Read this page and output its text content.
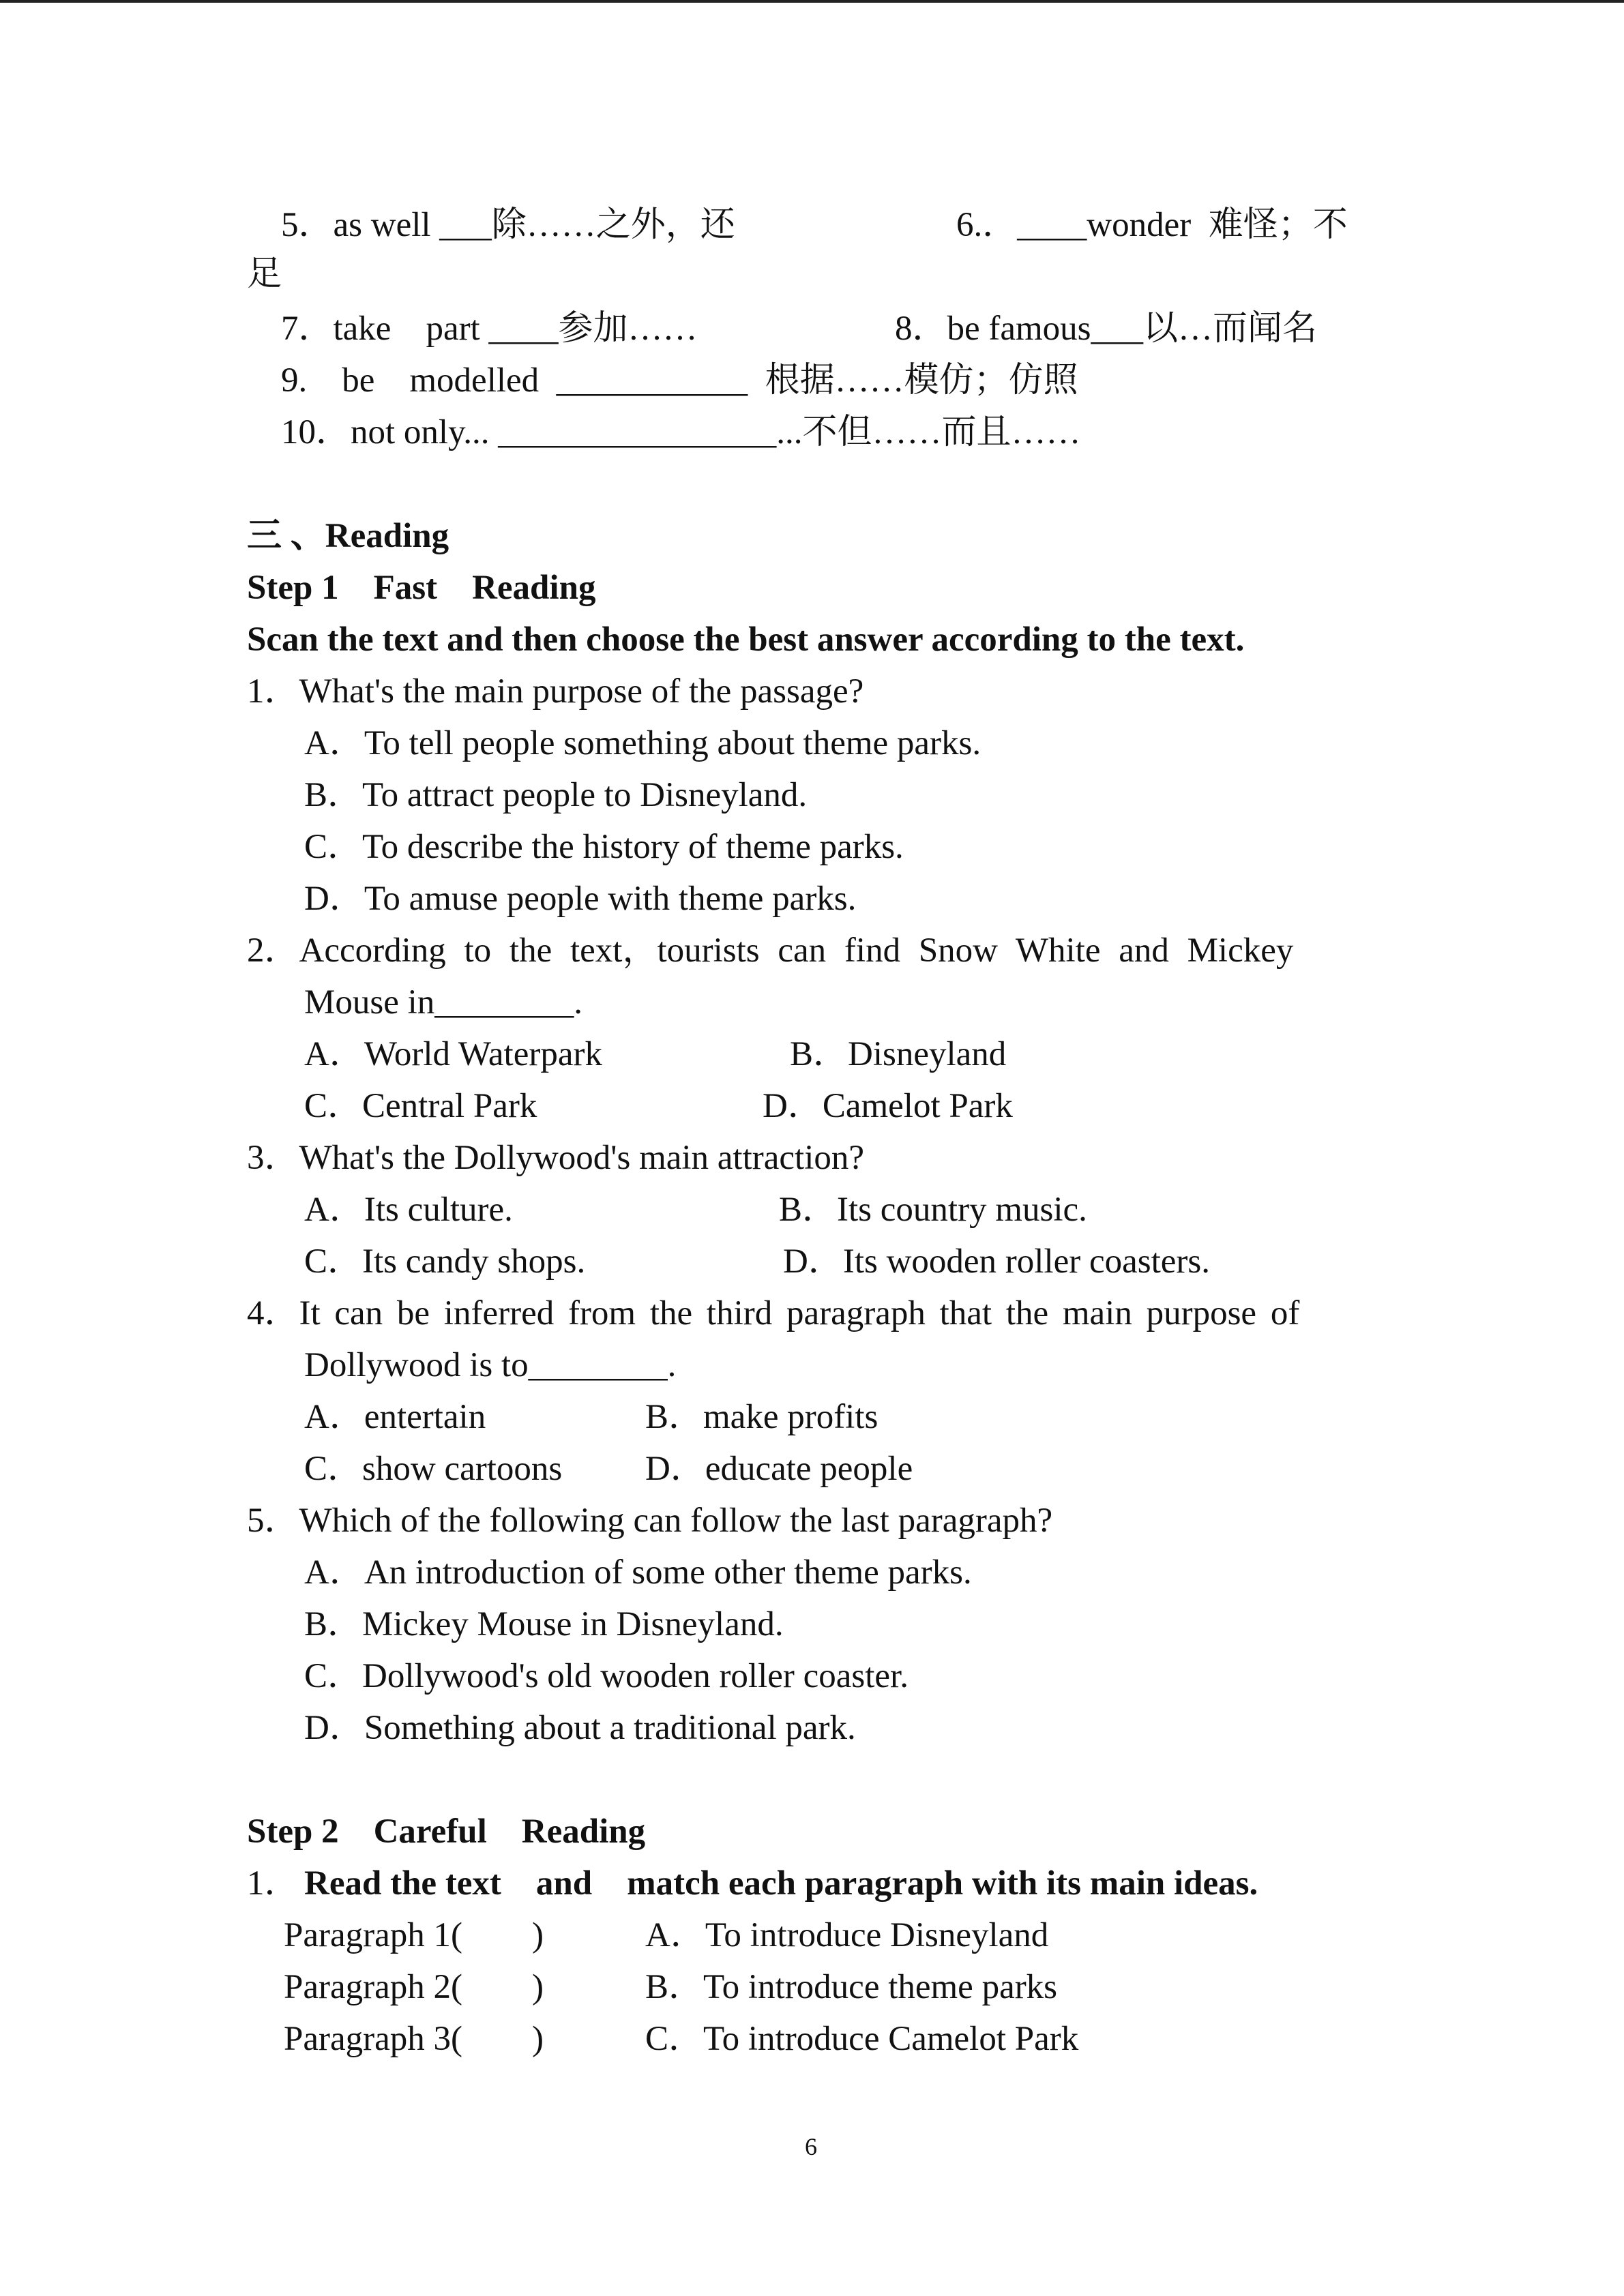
5．as well ___除……之外，还	6.．____wonder  难怪；不
足
7．take    part ____参加……	8．be famous___以…而闻名
9.    be    modelled  ___________  根据……模仿；仿照
10．not only... ________________...不但……而且……
三 、Reading
Step 1    Fast    Reading
Scan the text and then choose the best answer according to the text.
1．What's the main purpose of the passage?
A．To tell people something about theme parks.
B．To attract people to Disneyland.
C．To describe the history of theme parks.
D．To amuse people with theme parks.
2．According to the text，tourists can find Snow White and Mickey
Mouse in________.
A．World Waterpark	B．Disneyland
C．Central Park	D．Camelot Park
3．What's the Dollywood's main attraction?
A．Its culture.	B．Its country music.
C．Its candy shops.	D．Its wooden roller coasters.
4．It can be inferred from the third paragraph that the main purpose of
Dollywood is to________.
A．entertain	B．make profits
C．show cartoons D．educate people
5．Which of the following can follow the last paragraph?
A．An introduction of some other theme parks.
B．Mickey Mouse in Disneyland.
C．Dollywood's old wooden roller coaster.
D．Something about a traditional park.
Step 2    Careful    Reading
1． Read the text    and    match each paragraph with its main ideas.
Paragraph 1(        )	A．To introduce Disneyland
Paragraph 2(        )	B．To introduce theme parks
Paragraph 3(        )	C．To introduce Camelot Park
6
